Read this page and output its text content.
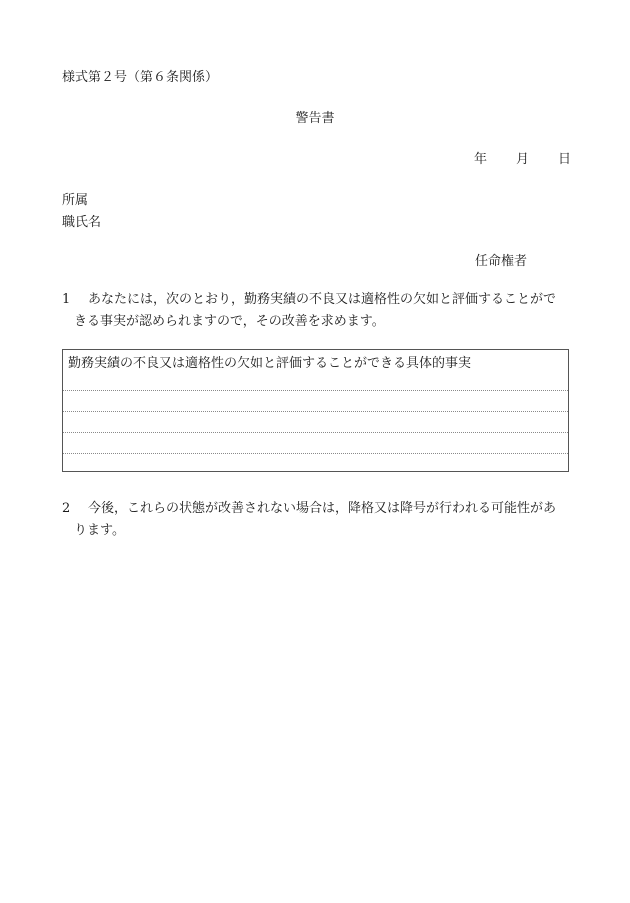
様式第２号（第６条関係）
警告書
年	月	日
所属
職氏名
任命権者
1 あなたには，次のとおり，勤務実績の不良又は適格性の欠如と評価することがで
きる事実が認められますので，その改善を求めます。
勤務実績の不良又は適格性の欠如と評価することができる具体的事実
2 今後，これらの状態が改善されない場合は，降格又は降号が行われる可能性があ
ります。
